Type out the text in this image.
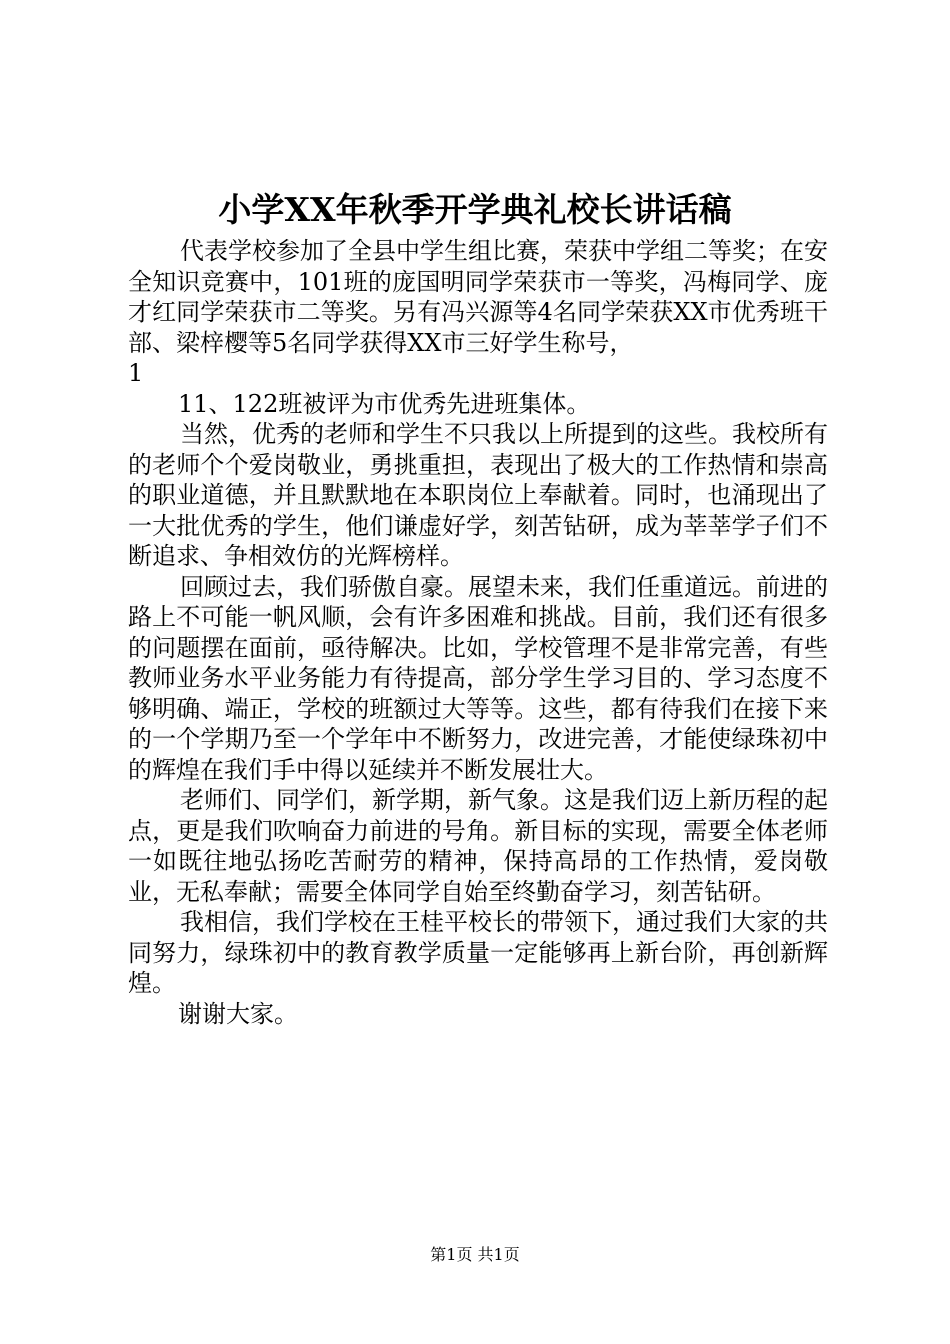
小学XX年秋季开学典礼校长讲话稿

代表学校参加了全县中学生组比赛，荣获中学组二等奖；在安全知识竞赛中，101班的庞国明同学荣获市一等奖，冯梅同学、庞才红同学荣获市二等奖。另有冯兴源等4名同学荣获XX市优秀班干部、梁梓樱等5名同学获得XX市三好学生称号，

1

11、122班被评为市优秀先进班集体。

当然，优秀的老师和学生不只我以上所提到的这些。我校所有的老师个个爱岗敬业，勇挑重担，表现出了极大的工作热情和崇高的职业道德，并且默默地在本职岗位上奉献着。同时，也涌现出了一大批优秀的学生，他们谦虚好学，刻苦钻研，成为莘莘学子们不断追求、争相效仿的光辉榜样。

回顾过去，我们骄傲自豪。展望未来，我们任重道远。前进的路上不可能一帆风顺，会有许多困难和挑战。目前，我们还有很多的问题摆在面前，亟待解决。比如，学校管理不是非常完善，有些教师业务水平业务能力有待提高，部分学生学习目的、学习态度不够明确、端正，学校的班额过大等等。这些，都有待我们在接下来的一个学期乃至一个学年中不断努力，改进完善，才能使绿珠初中的辉煌在我们手中得以延续并不断发展壮大。

老师们、同学们，新学期，新气象。这是我们迈上新历程的起点，更是我们吹响奋力前进的号角。新目标的实现，需要全体老师一如既往地弘扬吃苦耐劳的精神，保持高昂的工作热情，爱岗敬业，无私奉献；需要全体同学自始至终勤奋学习，刻苦钻研。

我相信，我们学校在王桂平校长的带领下，通过我们大家的共同努力，绿珠初中的教育教学质量一定能够再上新台阶，再创新辉煌。

谢谢大家。

第1页 共1页
